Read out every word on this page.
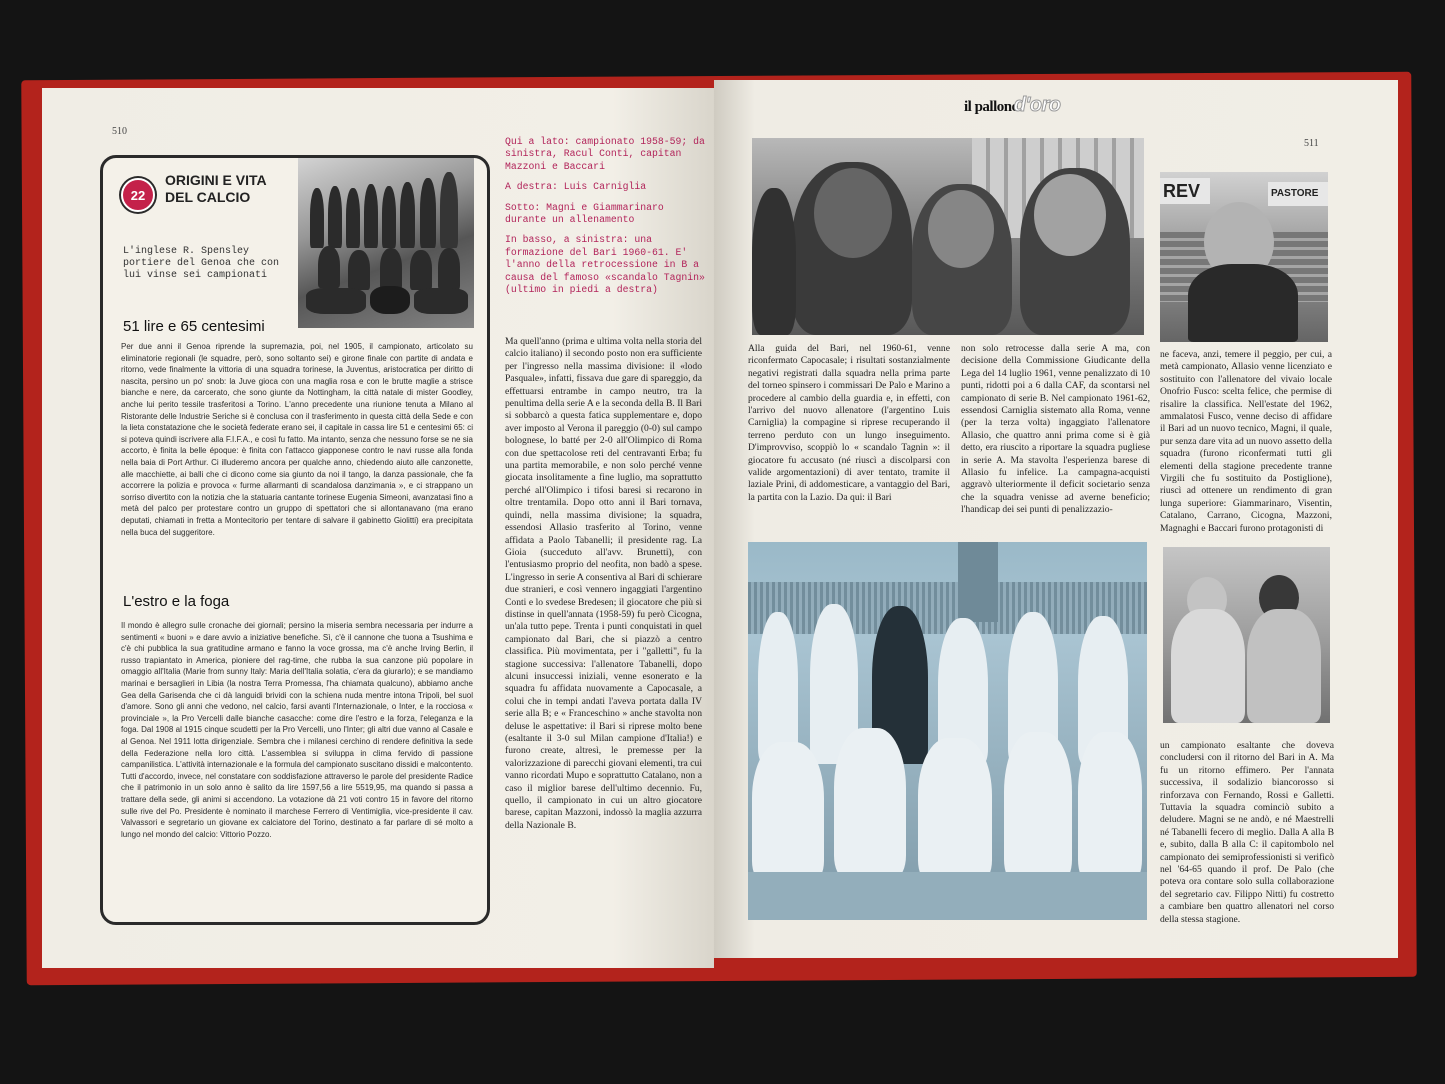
510
22
ORIGINI E VITA DEL CALCIO
L'inglese R. Spensley portiere del Genoa che con lui vinse sei campionati
51 lire e 65 centesimi
Per due anni il Genoa riprende la supremazia, poi, nel 1905, il campionato, articolato su eliminatorie regionali (le squadre, però, sono soltanto sei) e girone finale con partite di andata e ritorno, vede finalmente la vittoria di una squadra torinese, la Juventus, aristocratica per diritto di nascita, persino un po' snob: la Juve gioca con una maglia rosa e con le brutte maglie a strisce bianche e nere, da carcerato, che sono giunte da Nottingham, la città natale di mister Goodley, anche lui perito tessile trasferitosi a Torino. L'anno precedente una riunione tenuta a Milano al Ristorante delle Industrie Seriche si è conclusa con il trasferimento in questa città della Sede e con la lieta constatazione che le società federate erano sei, il capitale in cassa lire 51 e centesimi 65: ci si poteva quindi iscrivere alla F.I.F.A., e così fu fatto. Ma intanto, senza che nessuno forse se ne sia accorto, è finita la belle époque: è finita con l'attacco giapponese contro le navi russe alla fonda nella baia di Port Arthur. Ci illuderemo ancora per qualche anno, chiedendo aiuto alle canzonette, alle macchiette, ai balli che ci dicono come sia giunto da noi il tango, la danza passionale, che fa accorrere la polizia e provoca « furme allarmanti di scandalosa danzimania », e ci strappano un sorriso divertito con la notizia che la statuaria cantante torinese Eugenia Simeoni, avanzatasi fino a metà del palco per protestare contro un gruppo di spettatori che si allontanavano (ma erano deputati, chiamati in fretta a Montecitorio per tentare di salvare il gabinetto Giolitti) era precipitata nella buca del suggeritore.
L'estro e la foga
Il mondo è allegro sulle cronache dei giornali; persino la miseria sembra necessaria per indurre a sentimenti « buoni » e dare avvio a iniziative benefiche. Sì, c'è il cannone che tuona a Tsushima e c'è chi pubblica la sua gratitudine armano e fanno la voce grossa, ma c'è anche Irving Berlin, il russo trapiantato in America, pioniere del rag-time, che rubba la sua canzone più popolare in omaggio all'Italia (Marie from sunny Italy: Maria dell'Italia solatia, c'era da giurarlo); e se mandiamo marinai e bersaglieri in Libia (la nostra Terra Promessa, l'ha chiamata qualcuno), abbiamo anche Gea della Garisenda che ci dà languidi brividi con la schiena nuda mentre intona Tripoli, bel suol d'amore. Sono gli anni che vedono, nel calcio, farsi avanti l'Internazionale, o Inter, e la rocciosa « provinciale », la Pro Vercelli dalle bianche casacche: come dire l'estro e la forza, l'eleganza e la foga. Dal 1908 al 1915 cinque scudetti per la Pro Vercelli, uno l'Inter; gli altri due vanno al Casale e al Genoa. Nel 1911 lotta dirigenziale. Sembra che i milanesi cerchino di rendere definitiva la sede della Federazione nella loro città. L'assemblea si sviluppa in clima fervido di passione campanilistica. L'attività internazionale e la formula del campionato suscitano dissidi e malcontento. Tutti d'accordo, invece, nel constatare con soddisfazione attraverso le parole del presidente Radice che il patrimonio in un solo anno è salito da lire 1597,56 a lire 5519,95, ma quando si passa a trattare della sede, gli animi si accendono. La votazione dà 21 voti contro 15 in favore del ritorno sulle rive del Po. Presidente è nominato il marchese Ferrero di Ventimiglia, vice-presidente il cav. Valvassori e segretario un giovane ex calciatore del Torino, destinato a far parlare di sé molto a lungo nel mondo del calcio: Vittorio Pozzo.

Qui a lato: campionato 1958-59; da sinistra, Racul Conti, capitan Mazzoni e Baccari

A destra: Luis Carniglia

Sotto: Magni e Giammarinaro durante un allenamento

In basso, a sinistra: una formazione del Bari 1960-61. E' l'anno della retrocessione in B a causa del famoso «scandalo Tagnin» (ultimo in piedi a destra)

Ma quell'anno (prima e ultima volta nella storia del calcio italiano) il secondo posto non era sufficiente per l'ingresso nella massima divisione: il «lodo Pasquale», infatti, fissava due gare di spareggio, da effettuarsi entrambe in campo neutro, tra la penultima della serie A e la seconda della B. Il Bari si sobbarcò a questa fatica supplementare e, dopo aver imposto al Verona il pareggio (0-0) sul campo bolognese, lo batté per 2-0 all'Olimpico di Roma con due spettacolose reti del centravanti Erba; fu una partita memorabile, e non solo perché venne giocata insolitamente a fine luglio, ma soprattutto perché all'Olimpico i tifosi baresi si recarono in oltre trentamila. Dopo otto anni il Bari tornava, quindi, nella massima divisione; la squadra, essendosi Allasio trasferito al Torino, venne affidata a Paolo Tabanelli; il presidente rag. La Gioia (succeduto all'avv. Brunetti), con l'entusiasmo proprio del neofita, non badò a spese. L'ingresso in serie A consentiva al Bari di schierare due stranieri, e così vennero ingaggiati l'argentino Conti e lo svedese Bredesen; il giocatore che più si distinse in quell'annata (1958-59) fu però Cicogna, un'ala tutto pepe. Trenta i punti conquistati in quel campionato dal Bari, che si piazzò a centro classifica. Più movimentata, per i "galletti", fu la stagione successiva: l'allenatore Tabanelli, dopo alcuni insuccessi iniziali, venne esonerato e la squadra fu affidata nuovamente a Capocasale, a colui che in tempi andati l'aveva portata dalla IV serie alla B; e « Franceschino » anche stavolta non deluse le aspettative: il Bari si riprese molto bene (esaltante il 3-0 sul Milan campione d'Italia!) e furono create, altresì, le premesse per la valorizzazione di parecchi giovani elementi, tra cui vanno ricordati Mupo e soprattutto Catalano, non a caso il miglior barese dell'ultimo decennio. Fu, quello, il campionato in cui un altro giocatore barese, capitan Mazzoni, indossò la maglia azzurra della Nazionale B.
il palloned'oro
511
REV	PASTORE
Alla guida del Bari, nel 1960-61, venne riconfermato Capocasale; i risultati sostanzialmente negativi registrati dalla squadra nella prima parte del torneo spinsero i commissari De Palo e Marino a procedere al cambio della guardia e, in effetti, con l'arrivo del nuovo allenatore (l'argentino Luis Carniglia) la compagine si riprese recuperando il terreno perduto con un lungo inseguimento. D'improvviso, scoppiò lo « scandalo Tagnin »: il giocatore fu accusato (né riuscì a discolparsi con valide argomentazioni) di aver tentato, tramite il laziale Prini, di addomesticare, a vantaggio del Bari, la partita con la Lazio. Da qui: il Bari
non solo retrocesse dalla serie A ma, con decisione della Commissione Giudicante della Lega del 14 luglio 1961, venne penalizzato di 10 punti, ridotti poi a 6 dalla CAF, da scontarsi nel campionato di serie B. Nel campionato 1961-62, essendosi Carniglia sistemato alla Roma, venne (per la terza volta) ingaggiato l'allenatore Allasio, che quattro anni prima come si è già detto, era riuscito a riportare la squadra pugliese in serie A. Ma stavolta l'esperienza barese di Allasio fu infelice. La campagna-acquisti aggravò ulteriormente il deficit societario senza che la squadra venisse ad averne beneficio; l'handicap dei sei punti di penalizzazio-
ne faceva, anzi, temere il peggio, per cui, a metà campionato, Allasio venne licenziato e sostituito con l'allenatore del vivaio locale Onofrio Fusco: scelta felice, che permise di risalire la classifica. Nell'estate del 1962, ammalatosi Fusco, venne deciso di affidare il Bari ad un nuovo tecnico, Magni, il quale, pur senza dare vita ad un nuovo assetto della squadra (furono riconfermati tutti gli elementi della stagione precedente tranne Virgili che fu sostituito da Postiglione), riuscì ad ottenere un rendimento di gran lunga superiore: Giammarinaro, Visentin, Catalano, Carrano, Cicogna, Mazzoni, Magnaghi e Baccari furono protagonisti di
un campionato esaltante che doveva concludersi con il ritorno del Bari in A. Ma fu un ritorno effimero. Per l'annata successiva, il sodalizio biancorosso si rinforzava con Fernando, Rossi e Galletti. Tuttavia la squadra cominciò subito a deludere. Magni se ne andò, e né Maestrelli né Tabanelli fecero di meglio. Dalla A alla B e, subito, dalla B alla C: il capitombolo nel campionato dei semiprofessionisti si verificò nel '64-65 quando il prof. De Palo (che poteva ora contare solo sulla collaborazione del segretario cav. Filippo Nitti) fu costretto a cambiare ben quattro allenatori nel corso della stessa stagione.
